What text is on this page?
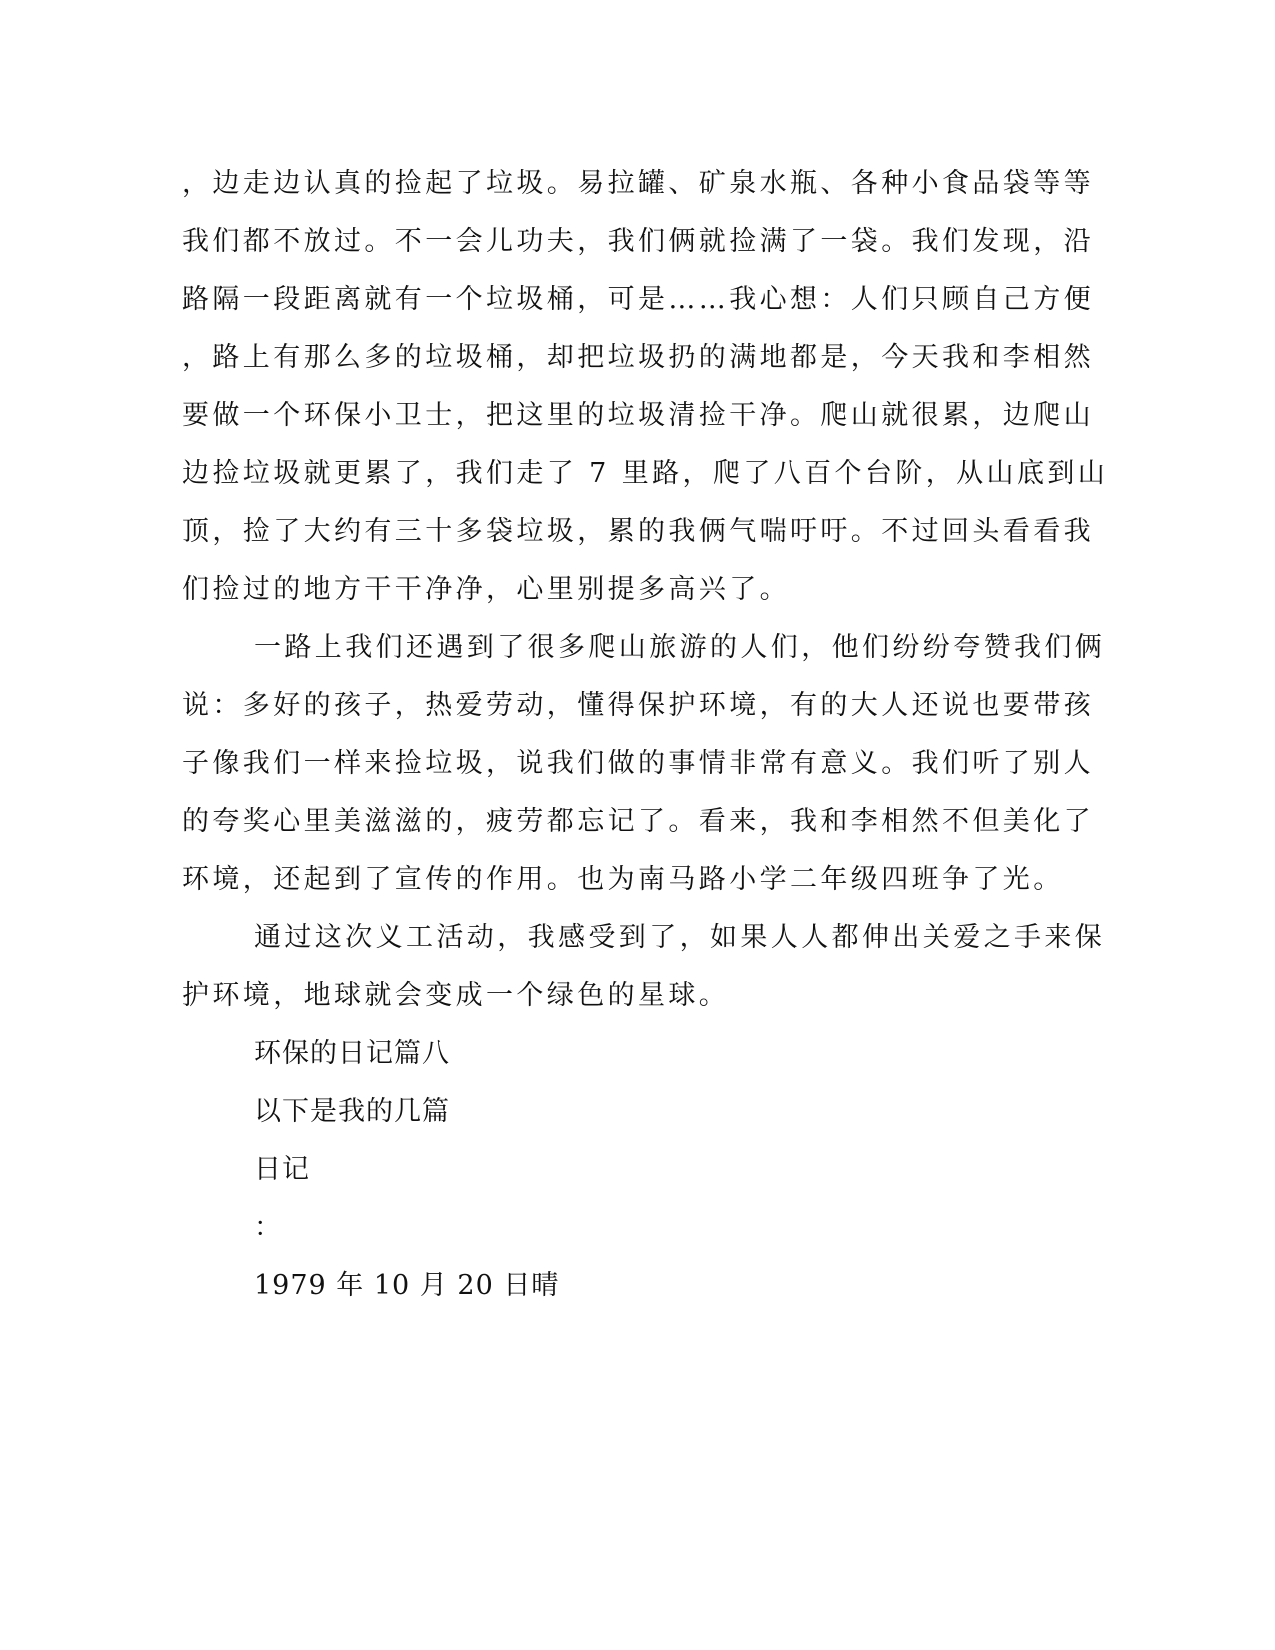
，边走边认真的捡起了垃圾。易拉罐、矿泉水瓶、各种小食品袋等等
我们都不放过。不一会儿功夫，我们俩就捡满了一袋。我们发现，沿
路隔一段距离就有一个垃圾桶，可是……我心想：人们只顾自己方便
，路上有那么多的垃圾桶，却把垃圾扔的满地都是，今天我和李相然
要做一个环保小卫士，把这里的垃圾清捡干净。爬山就很累，边爬山
边捡垃圾就更累了，我们走了 7 里路，爬了八百个台阶，从山底到山
顶，捡了大约有三十多袋垃圾，累的我俩气喘吁吁。不过回头看看我
们捡过的地方干干净净，心里别提多高兴了。
一路上我们还遇到了很多爬山旅游的人们，他们纷纷夸赞我们俩
说：多好的孩子，热爱劳动，懂得保护环境，有的大人还说也要带孩
子像我们一样来捡垃圾，说我们做的事情非常有意义。我们听了别人
的夸奖心里美滋滋的，疲劳都忘记了。看来，我和李相然不但美化了
环境，还起到了宣传的作用。也为南马路小学二年级四班争了光。
通过这次义工活动，我感受到了，如果人人都伸出关爱之手来保
护环境，地球就会变成一个绿色的星球。
环保的日记篇八
以下是我的几篇
日记
：
1979 年 10 月 20 日晴
